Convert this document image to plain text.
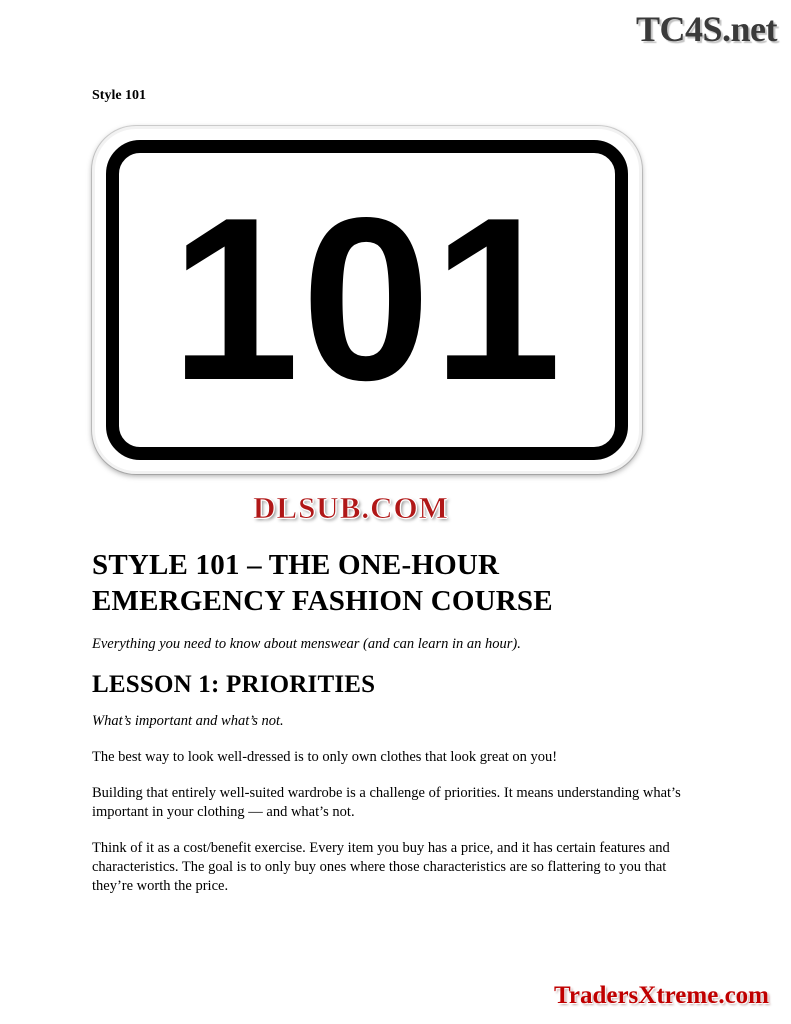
Style 101
101
STYLE 101 – THE ONE-HOUR EMERGENCY FASHION COURSE

Everything you need to know about menswear (and can learn in an hour).

LESSON 1: PRIORITIES

What’s important and what’s not.

The best way to look well-dressed is to only own clothes that look great on you!

Building that entirely well-suited wardrobe is a challenge of priorities. It means understanding what’s important in your clothing — and what’s not.

Think of it as a cost/benefit exercise. Every item you buy has a price, and it has certain features and characteristics. The goal is to only buy ones where those characteristics are so flattering to you that they’re worth the price.

TC4S.net
DLSUB.COM
TradersXtreme.com
